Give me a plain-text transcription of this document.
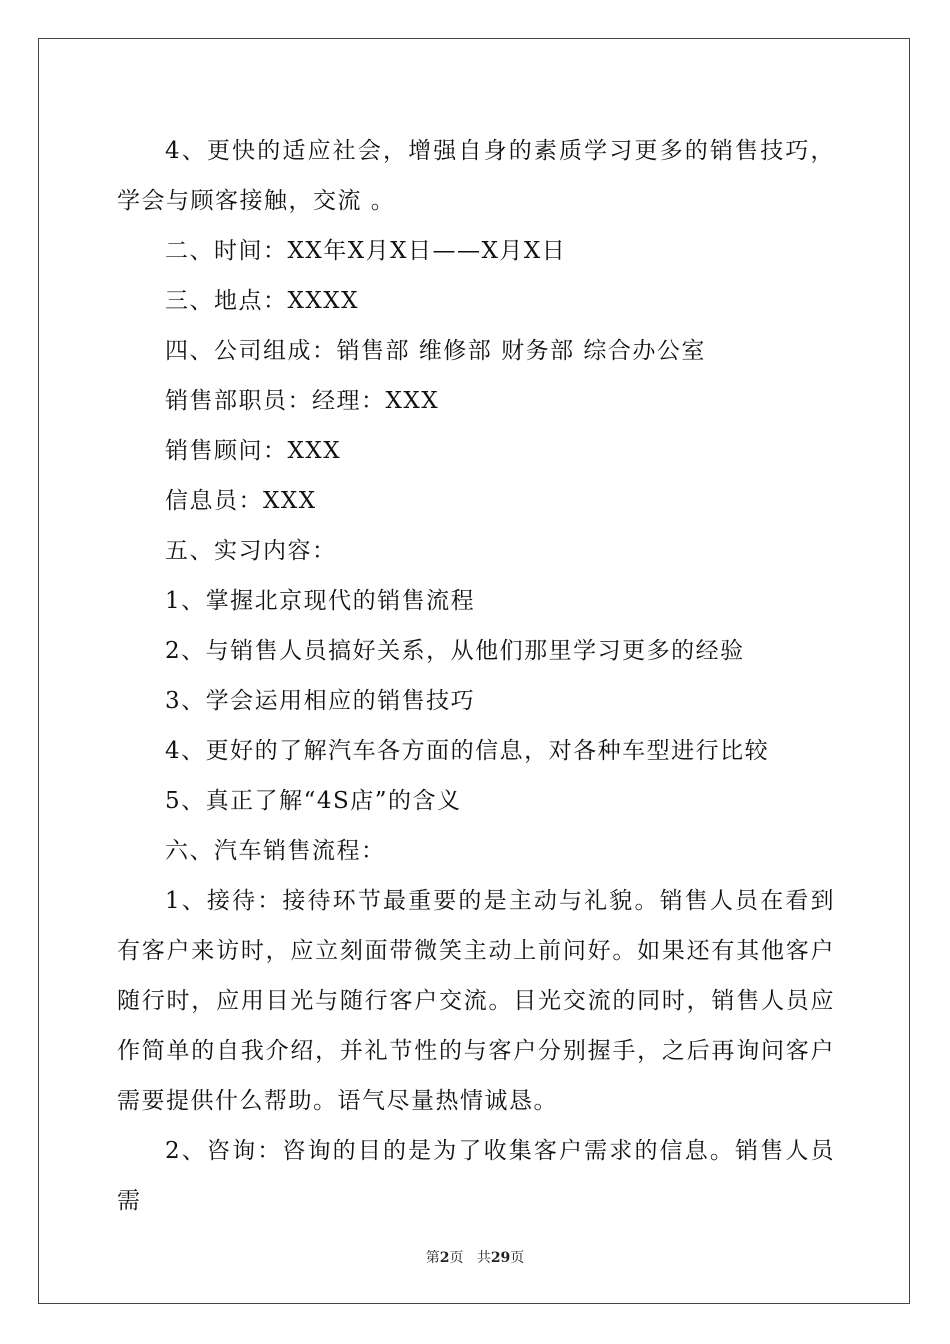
4、更快的适应社会，增强自身的素质学习更多的销售技巧，学会与顾客接触，交流 。

二、时间：XX年X月X日——X月X日

三、地点：XXXX

四、公司组成：销售部 维修部 财务部 综合办公室

销售部职员：经理：XXX

销售顾问：XXX

信息员：XXX

五、实习内容：

1、掌握北京现代的销售流程

2、与销售人员搞好关系，从他们那里学习更多的经验

3、学会运用相应的销售技巧

4、更好的了解汽车各方面的信息，对各种车型进行比较

5、真正了解“4S店”的含义

六、汽车销售流程：

1、接待：接待环节最重要的是主动与礼貌。销售人员在看到有客户来访时，应立刻面带微笑主动上前问好。如果还有其他客户随行时，应用目光与随行客户交流。目光交流的同时，销售人员应作简单的自我介绍，并礼节性的与客户分别握手，之后再询问客户需要提供什么帮助。语气尽量热情诚恳。

2、咨询：咨询的目的是为了收集客户需求的信息。销售人员需

第2页 共29页
